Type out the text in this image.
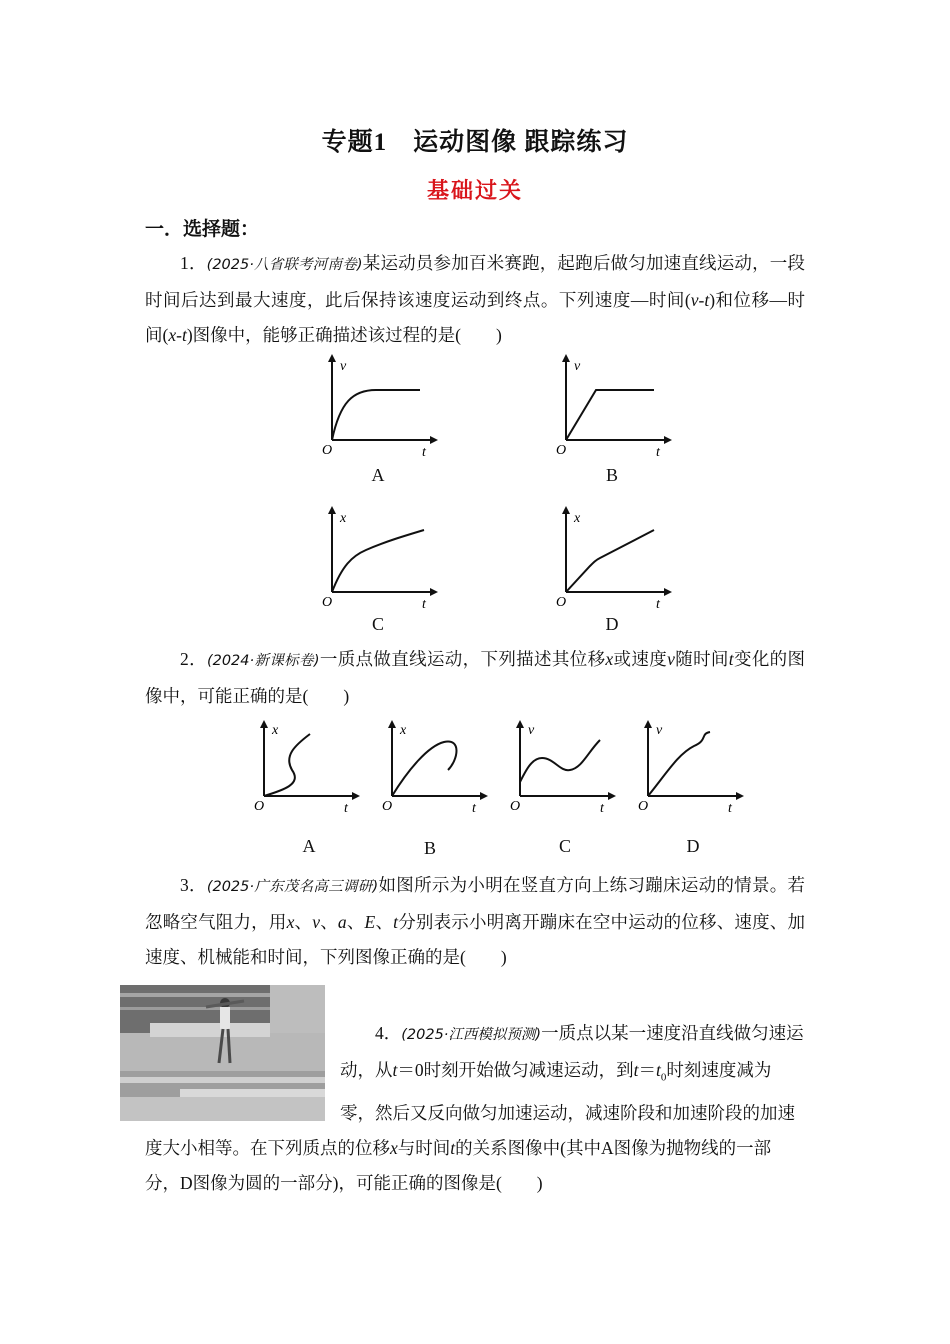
专题1　运动图像 跟踪练习
基础过关
一．选择题：
1．(2025·八省联考河南卷)某运动员参加百米赛跑，起跑后做匀加速直线运动，一段时间后达到最大速度，此后保持该速度运动到终点。下列速度—时间(v-t)和位移—时间(x-t)图像中，能够正确描述该过程的是(　　)
v
O	t
A
v
O	t
B
x
O	t
C
x
O	t
D
2．(2024·新课标卷)一质点做直线运动，下列描述其位移x或速度v随时间t变化的图像中，可能正确的是(　　)
x
O	t
A
x
O	t
B
v
O	t
C
v
O	t
D
3．(2025·广东茂名高三调研)如图所示为小明在竖直方向上练习蹦床运动的情景。若忽略空气阻力，用x、v、a、E、t分别表示小明离开蹦床在空中运动的位移、速度、加速度、机械能和时间，下列图像正确的是(　　)
4．(2025·江西模拟预测)一质点以某一速度沿直线做匀速运动，从t＝0时刻开始做匀减速运动，到$t=t_0$时刻速度减为零，然后又反向做匀加速运动，减速阶段和加速阶段的加速度大小相等。在下列质点的位移x与时间t的关系图像中(其中A图像为抛物线的一部分，D图像为圆的一部分)，可能正确的图像是(　　)
